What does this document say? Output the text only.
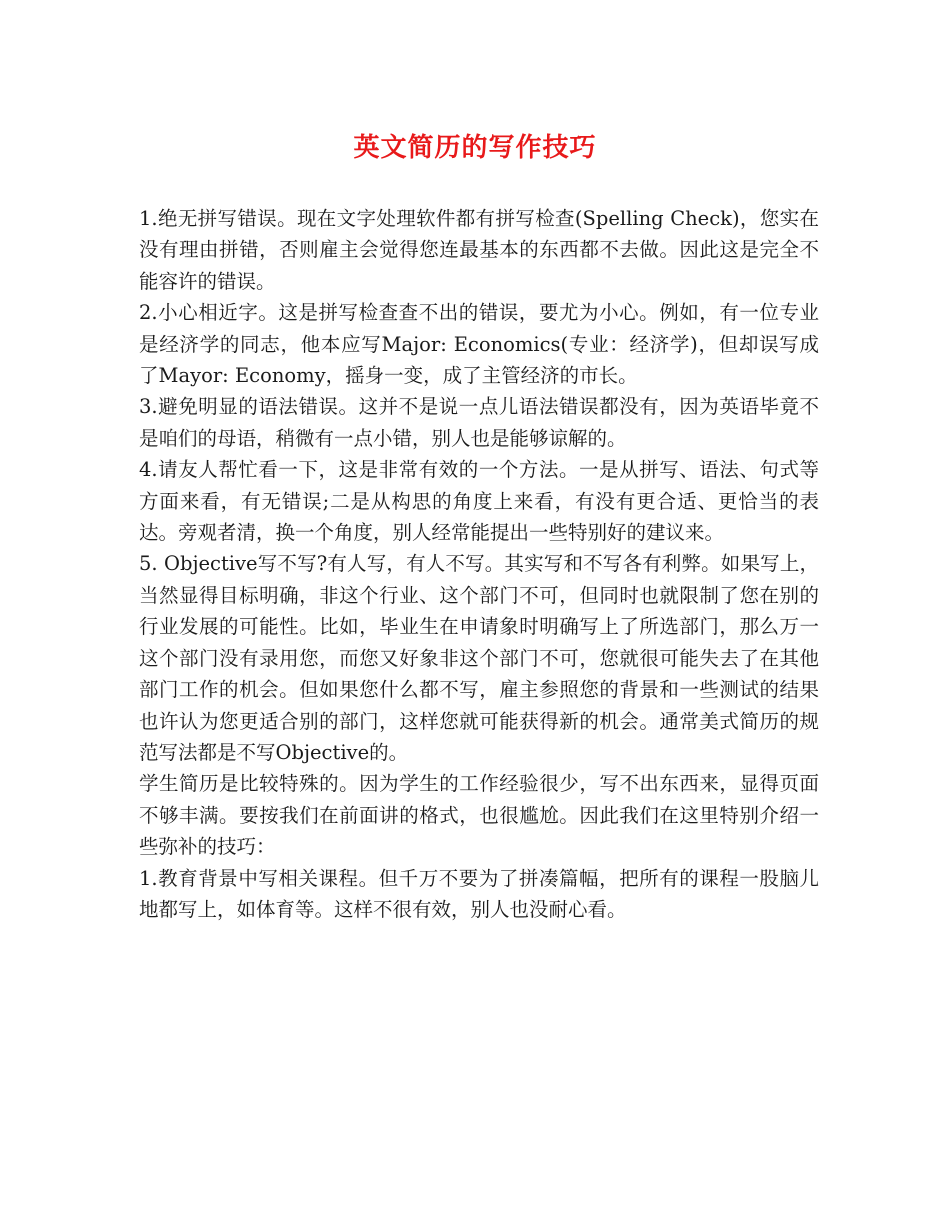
英文简历的写作技巧

1.绝无拼写错误。现在文字处理软件都有拼写检查(Spelling Check)，您实在没有理由拼错，否则雇主会觉得您连最基本的东西都不去做。因此这是完全不能容许的错误。

2.小心相近字。这是拼写检查查不出的错误，要尤为小心。例如，有一位专业是经济学的同志，他本应写Major: Economics(专业：经济学)，但却误写成了Mayor: Economy，摇身一变，成了主管经济的市长。

3.避免明显的语法错误。这并不是说一点儿语法错误都没有，因为英语毕竟不是咱们的母语，稍微有一点小错，别人也是能够谅解的。

4.请友人帮忙看一下，这是非常有效的一个方法。一是从拼写、语法、句式等方面来看，有无错误;二是从构思的角度上来看，有没有更合适、更恰当的表达。旁观者清，换一个角度，别人经常能提出一些特别好的建议来。

5. Objective写不写?有人写，有人不写。其实写和不写各有利弊。如果写上，当然显得目标明确，非这个行业、这个部门不可，但同时也就限制了您在别的行业发展的可能性。比如，毕业生在申请象时明确写上了所选部门，那么万一这个部门没有录用您，而您又好象非这个部门不可，您就很可能失去了在其他部门工作的机会。但如果您什么都不写，雇主参照您的背景和一些测试的结果也许认为您更适合别的部门，这样您就可能获得新的机会。通常美式简历的规范写法都是不写Objective的。

学生简历是比较特殊的。因为学生的工作经验很少，写不出东西来，显得页面不够丰满。要按我们在前面讲的格式，也很尴尬。因此我们在这里特别介绍一些弥补的技巧：

1.教育背景中写相关课程。但千万不要为了拼凑篇幅，把所有的课程一股脑儿地都写上，如体育等。这样不很有效，别人也没耐心看。
